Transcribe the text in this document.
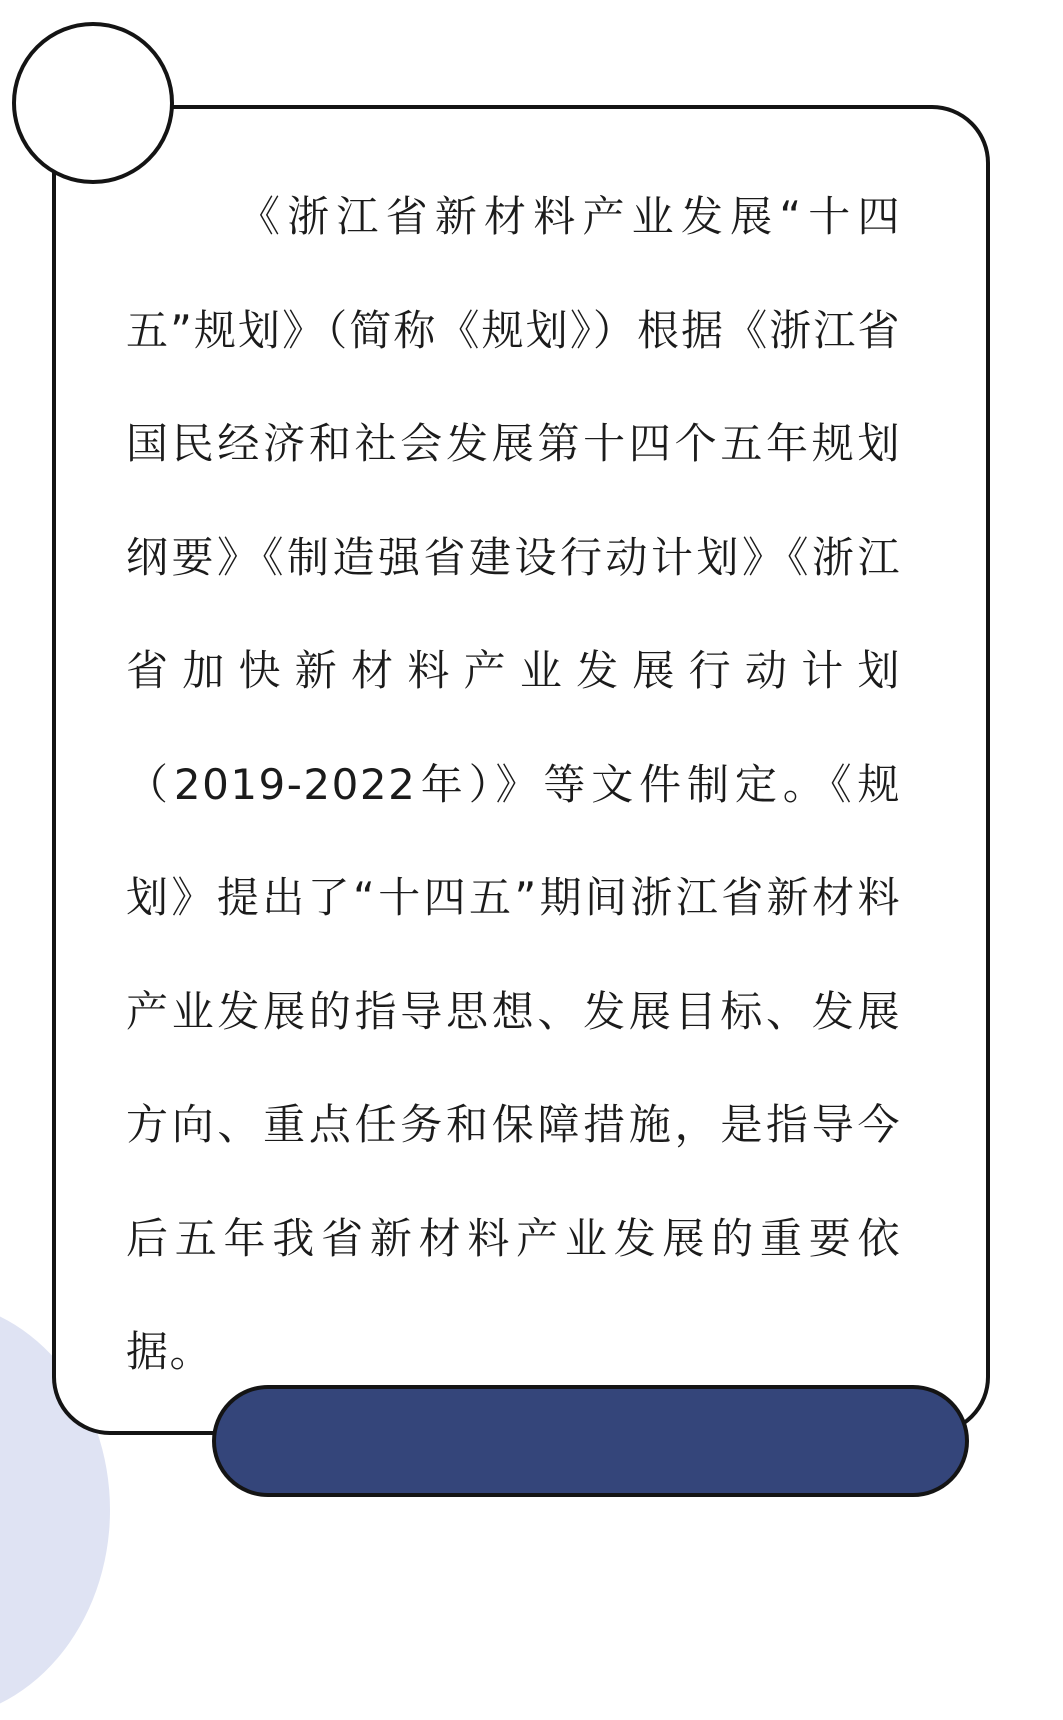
《浙江省新材料产业发展“十四五”规划》（简称《规划》）根据《浙江省国民经济和社会发展第十四个五年规划纲要》《制造强省建设行动计划》《浙江省加快新材料产业发展行动计划（2019-2022年）》等文件制定。《规划》提出了“十四五”期间浙江省新材料产业发展的指导思想、发展目标、发展方向、重点任务和保障措施，是指导今后五年我省新材料产业发展的重要依据。
